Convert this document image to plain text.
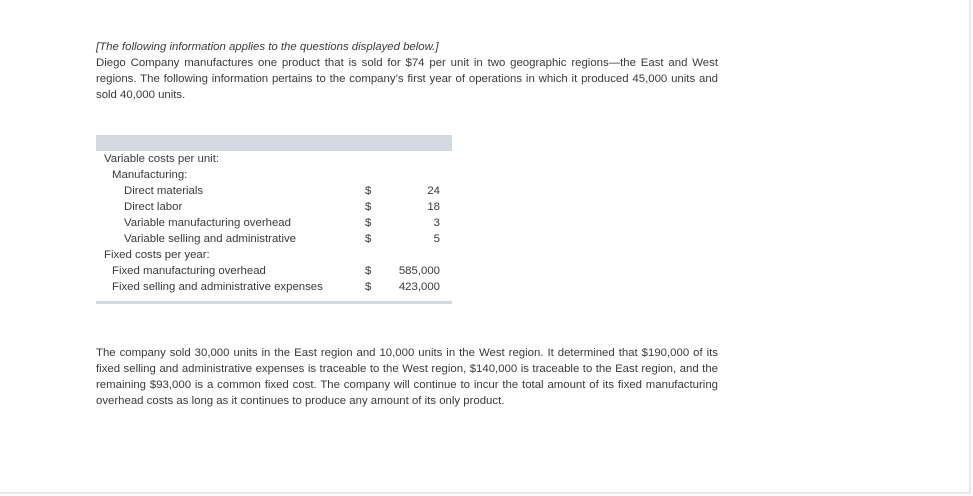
[The following information applies to the questions displayed below.]

Diego Company manufactures one product that is sold for $74 per unit in two geographic regions—the East and West regions. The following information pertains to the company’s first year of operations in which it produced 45,000 units and sold 40,000 units.

Variable costs per unit:
Manufacturing:
Direct materials	$	24
Direct labor	$	18
Variable manufacturing overhead	$	3
Variable selling and administrative	$	5
Fixed costs per year:
Fixed manufacturing overhead	$ 585,000
Fixed selling and administrative expenses	$ 423,000

The company sold 30,000 units in the East region and 10,000 units in the West region. It determined that $190,000 of its fixed selling and administrative expenses is traceable to the West region, $140,000 is traceable to the East region, and the remaining $93,000 is a common fixed cost. The company will continue to incur the total amount of its fixed manufacturing overhead costs as long as it continues to produce any amount of its only product.
